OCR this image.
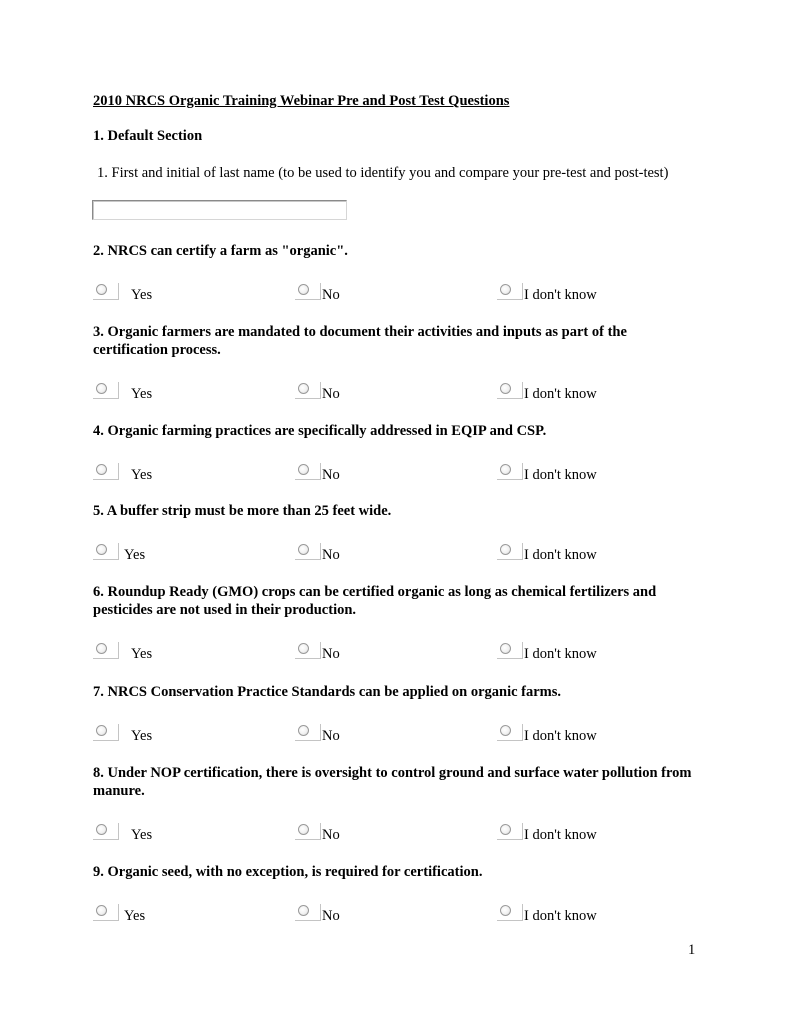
2010 NRCS Organic Training Webinar Pre and Post Test Questions
1. Default Section
1. First and initial of last name (to be used to identify you and compare your pre-test and post-test)
2. NRCS can certify a farm as "organic".
Yes	No	I don't know
3. Organic farmers are mandated to document their activities and inputs as part of the certification process.
Yes	No	I don't know
4. Organic farming practices are specifically addressed in EQIP and CSP.
Yes	No	I don't know
5. A buffer strip must be more than 25 feet wide.
Yes	No	I don't know
6. Roundup Ready (GMO) crops can be certified organic as long as chemical fertilizers and pesticides are not used in their production.
Yes	No	I don't know
7. NRCS Conservation Practice Standards can be applied on organic farms.
Yes	No	I don't know
8. Under NOP certification, there is oversight to control ground and surface water pollution from manure.
Yes	No	I don't know
9. Organic seed, with no exception, is required for certification.
Yes	No	I don't know
1
